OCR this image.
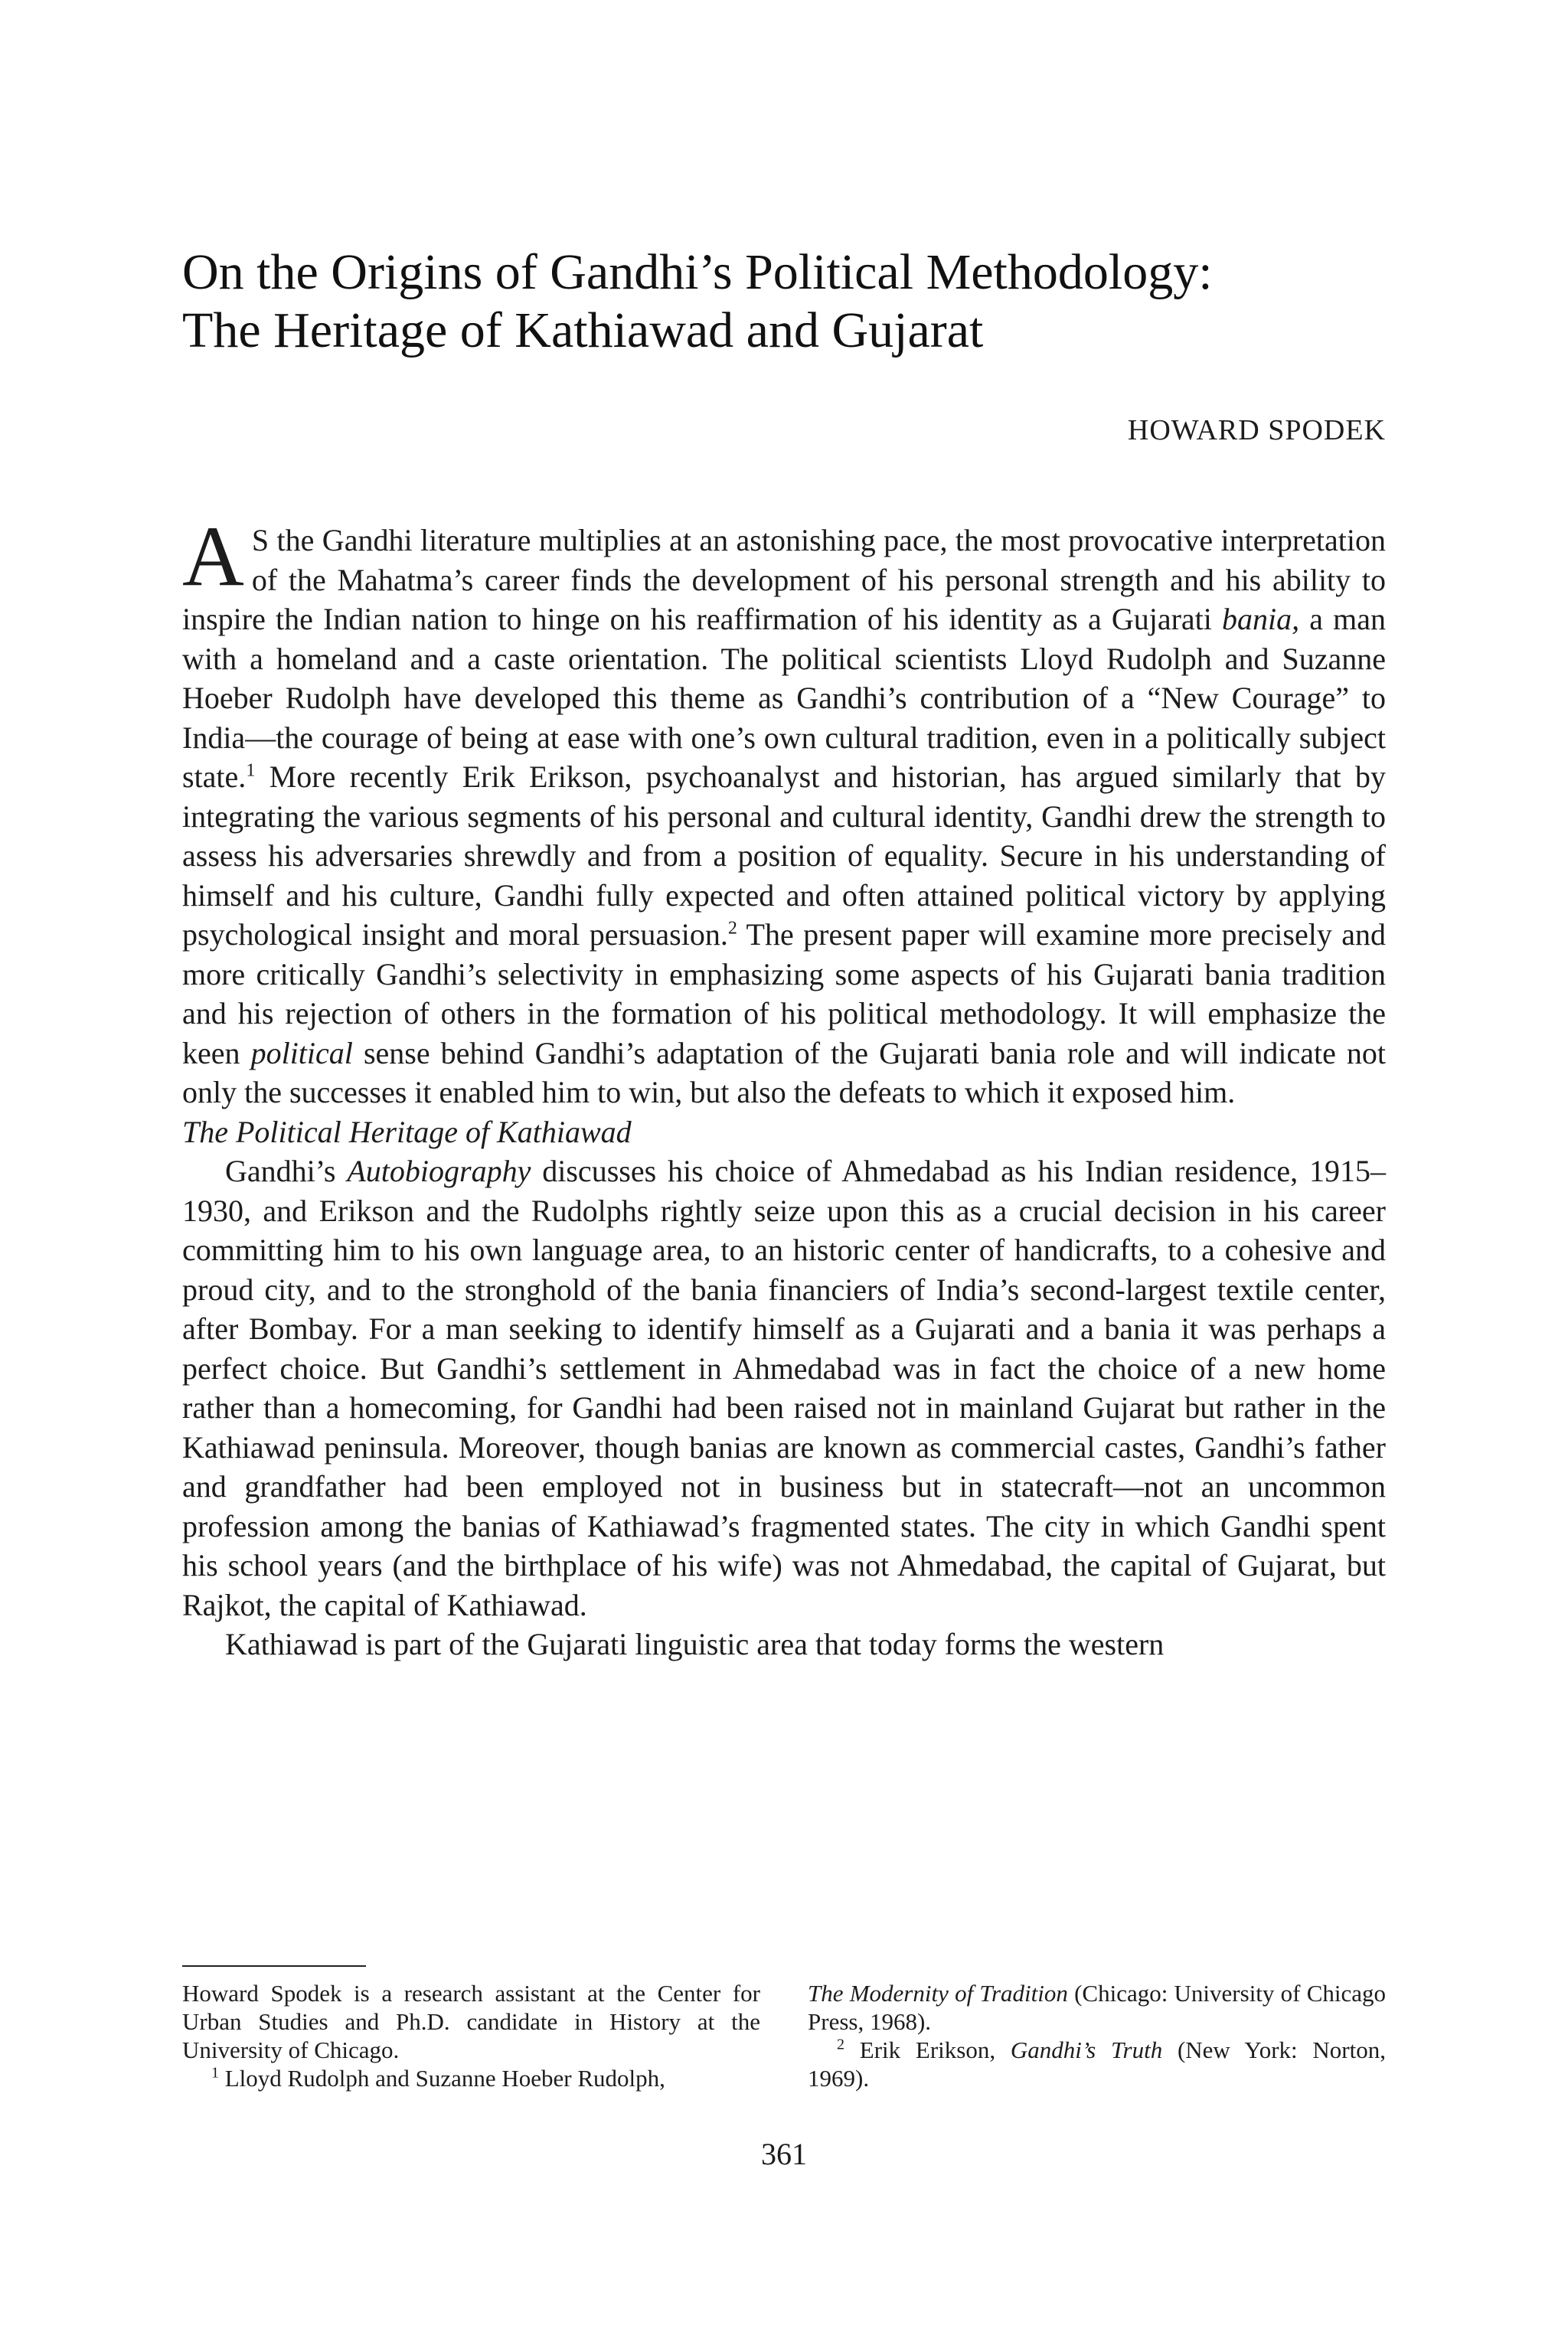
On the Origins of Gandhi’s Political Methodology:
The Heritage of Kathiawad and Gujarat

HOWARD SPODEK

A S the Gandhi literature multiplies at an astonishing pace, the most provocative interpretation of the Mahatma’s career finds the development of his personal strength and his ability to inspire the Indian nation to hinge on his reaffirmation of his identity as a Gujarati bania, a man with a homeland and a caste orientation. The political scientists Lloyd Rudolph and Suzanne Hoeber Rudolph have developed this theme as Gandhi’s contribution of a “New Courage” to India—the courage of being at ease with one’s own cultural tradition, even in a politically subject state.$^1$ More recently Erik Erikson, psychoanalyst and historian, has argued similarly that by integrating the various segments of his personal and cultural identity, Gandhi drew the strength to assess his adversaries shrewdly and from a position of equality. Secure in his understanding of himself and his culture, Gandhi fully expected and often attained political victory by applying psychological insight and moral persuasion.$^2$ The present paper will examine more precisely and more critically Gandhi’s selectivity in emphasizing some aspects of his Gujarati bania tradition and his rejection of others in the formation of his political methodology. It will emphasize the keen political sense behind Gandhi’s adaptation of the Gujarati bania role and will indicate not only the successes it enabled him to win, but also the defeats to which it exposed him.

The Political Heritage of Kathiawad

Gandhi’s Autobiography discusses his choice of Ahmedabad as his Indian residence, 1915–1930, and Erikson and the Rudolphs rightly seize upon this as a crucial decision in his career committing him to his own language area, to an historic center of handicrafts, to a cohesive and proud city, and to the stronghold of the bania financiers of India’s second-largest textile center, after Bombay. For a man seeking to identify himself as a Gujarati and a bania it was perhaps a perfect choice. But Gandhi’s settlement in Ahmedabad was in fact the choice of a new home rather than a homecoming, for Gandhi had been raised not in mainland Gujarat but rather in the Kathiawad peninsula. Moreover, though banias are known as commercial castes, Gandhi’s father and grandfather had been employed not in business but in statecraft—not an uncommon profession among the banias of Kathiawad’s fragmented states. The city in which Gandhi spent his school years (and the birthplace of his wife) was not Ahmedabad, the capital of Gujarat, but Rajkot, the capital of Kathiawad.

Kathiawad is part of the Gujarati linguistic area that today forms the western

Howard Spodek is a research assistant at the Center for Urban Studies and Ph.D. candidate in History at the University of Chicago.

$^1$ Lloyd Rudolph and Suzanne Hoeber Rudolph,

The Modernity of Tradition (Chicago: University of Chicago Press, 1968).

$^2$ Erik Erikson, Gandhi’s Truth (New York: Norton, 1969).

361
